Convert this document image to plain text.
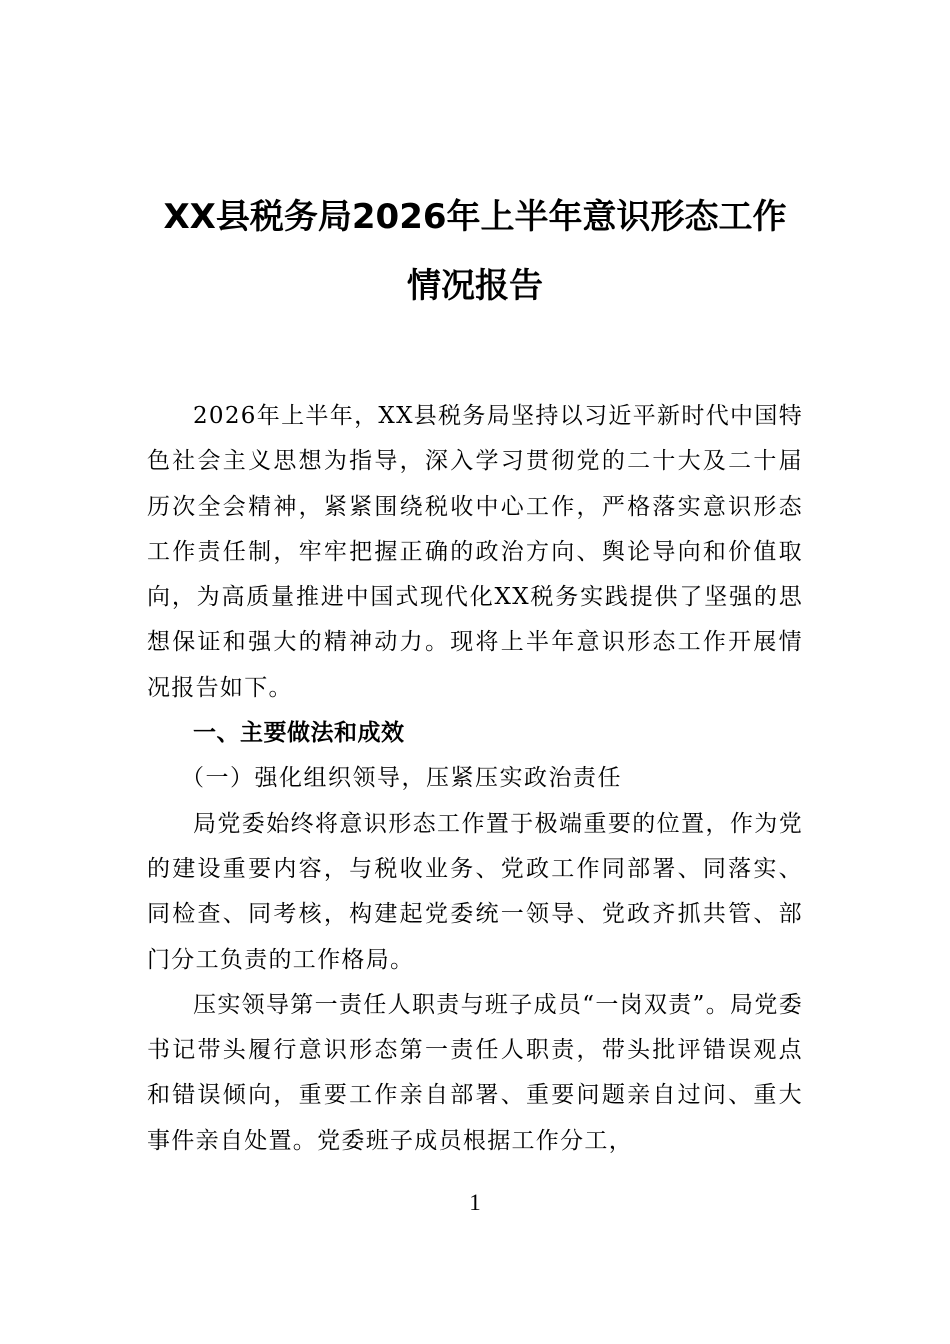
XX县税务局2026年上半年意识形态工作
情况报告

2026年上半年，XX县税务局坚持以习近平新时代中国特色社会主义思想为指导，深入学习贯彻党的二十大及二十届历次全会精神，紧紧围绕税收中心工作，严格落实意识形态工作责任制，牢牢把握正确的政治方向、舆论导向和价值取向，为高质量推进中国式现代化XX税务实践提供了坚强的思想保证和强大的精神动力。现将上半年意识形态工作开展情况报告如下。

一、主要做法和成效

（一）强化组织领导，压紧压实政治责任

局党委始终将意识形态工作置于极端重要的位置，作为党的建设重要内容，与税收业务、党政工作同部署、同落实、同检查、同考核，构建起党委统一领导、党政齐抓共管、部门分工负责的工作格局。

压实领导第一责任人职责与班子成员“一岗双责”。局党委书记带头履行意识形态第一责任人职责，带头批评错误观点和错误倾向，重要工作亲自部署、重要问题亲自过问、重大事件亲自处置。党委班子成员根据工作分工，

1
